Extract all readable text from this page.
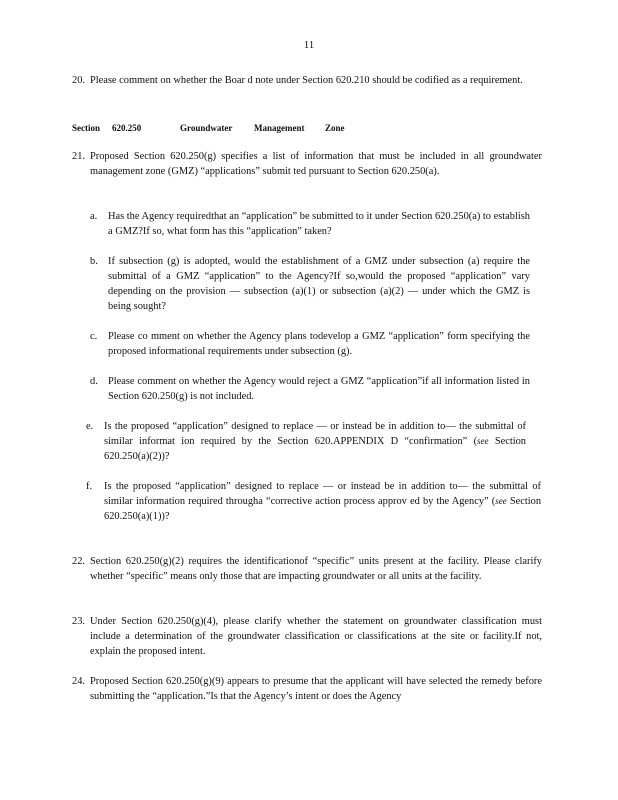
11
20. Please comment on whether the Boar d note under Section 620.210 should be codified as a requirement.
Section 620.250	Groundwater Management Zone
21. Proposed Section 620.250(g) specifies a list of information that must be included in all groundwater management zone (GMZ) “applications” submit ted pursuant to Section 620.250(a).
a. Has the Agency requiredthat an “application” be submitted to it under Section 620.250(a) to establish a GMZ?If so, what form has this “application” taken?
b. If subsection (g) is adopted, would the establishment of a GMZ under subsection (a) require the submittal of a GMZ “application” to the Agency?If so,would the proposed “application” vary depending on the provision — subsection (a)(1) or subsection (a)(2) — under which the GMZ is being sought?
c. Please co mment on whether the Agency plans todevelop a GMZ “application” form specifying the proposed informational requirements under subsection (g).
d. Please comment on whether the Agency would reject a GMZ “application”if all information listed in Section 620.250(g) is not included.
e. Is the proposed “application” designed to replace — or instead be in addition to— the submittal of similar informat ion required by the Section 620.APPENDIX D “confirmation” (see Section 620.250(a)(2))?
f. Is the proposed “application” designed to replace — or instead be in addition to— the submittal of similar information required througha “corrective action process approv ed by the Agency” (see Section 620.250(a)(1))?
22. Section 620.250(g)(2) requires the identificationof “specific” units present at the facility. Please clarify whether “specific” means only those that are impacting groundwater or all units at the facility.
23. Under Section 620.250(g)(4), please clarify whether the statement on groundwater classification must include a determination of the groundwater classification or classifications at the site or facility.If not, explain the proposed intent.
24. Proposed Section 620.250(g)(9) appears to presume that the applicant will have selected the remedy before submitting the “application.”Is that the Agency’s intent or does the Agency
